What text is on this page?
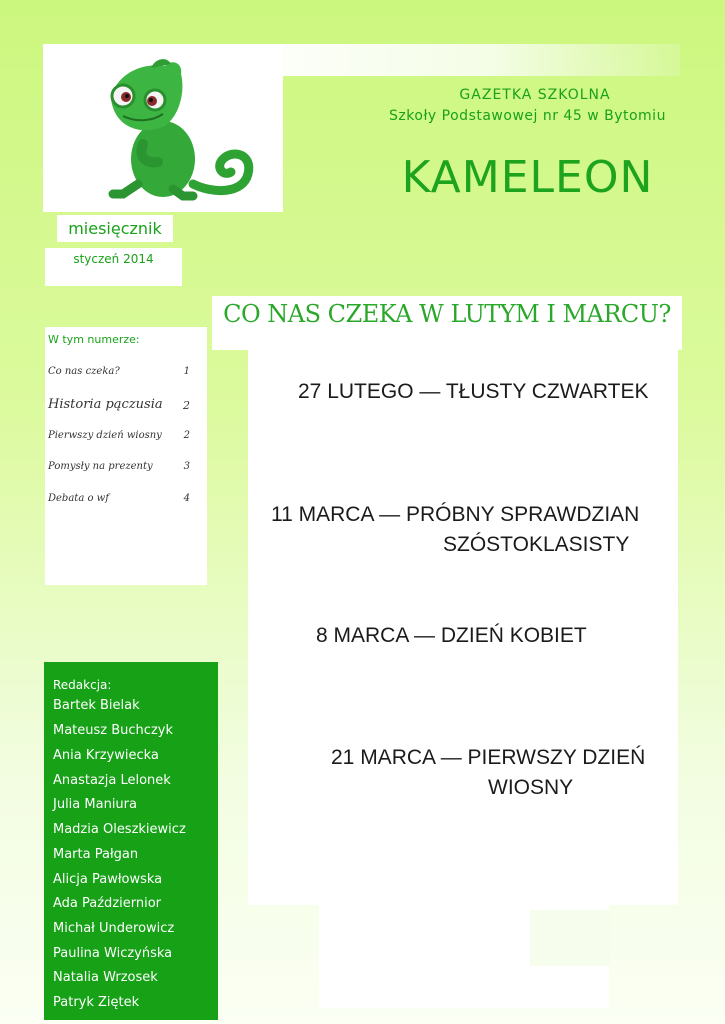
GAZETKA SZKOLNA
Szkoły Podstawowej nr 45 w Bytomiu
KAMELEON
miesięcznik
styczeń 2014
W tym numerze:
Co nas czeka?	1
Historia pączusia 2
Pierwszy dzień wiosny 2
Pomysły na prezenty	3
Debata o wf	4
CO NAS CZEKA W LUTYM I MARCU?
27 LUTEGO — TŁUSTY CZWARTEK
11 MARCA — PRÓBNY SPRAWDZIAN
SZÓSTOKLASISTY
8 MARCA — DZIEŃ KOBIET
21 MARCA — PIERWSZY DZIEŃ
WIOSNY
Redakcja:
Bartek Bielak
Mateusz Buchczyk
Ania Krzywiecka
Anastazja Lelonek
Julia Maniura
Madzia Oleszkiewicz
Marta Pałgan
Alicja Pawłowska
Ada Październior
Michał Underowicz
Paulina Wiczyńska
Natalia Wrzosek
Patryk Ziętek
